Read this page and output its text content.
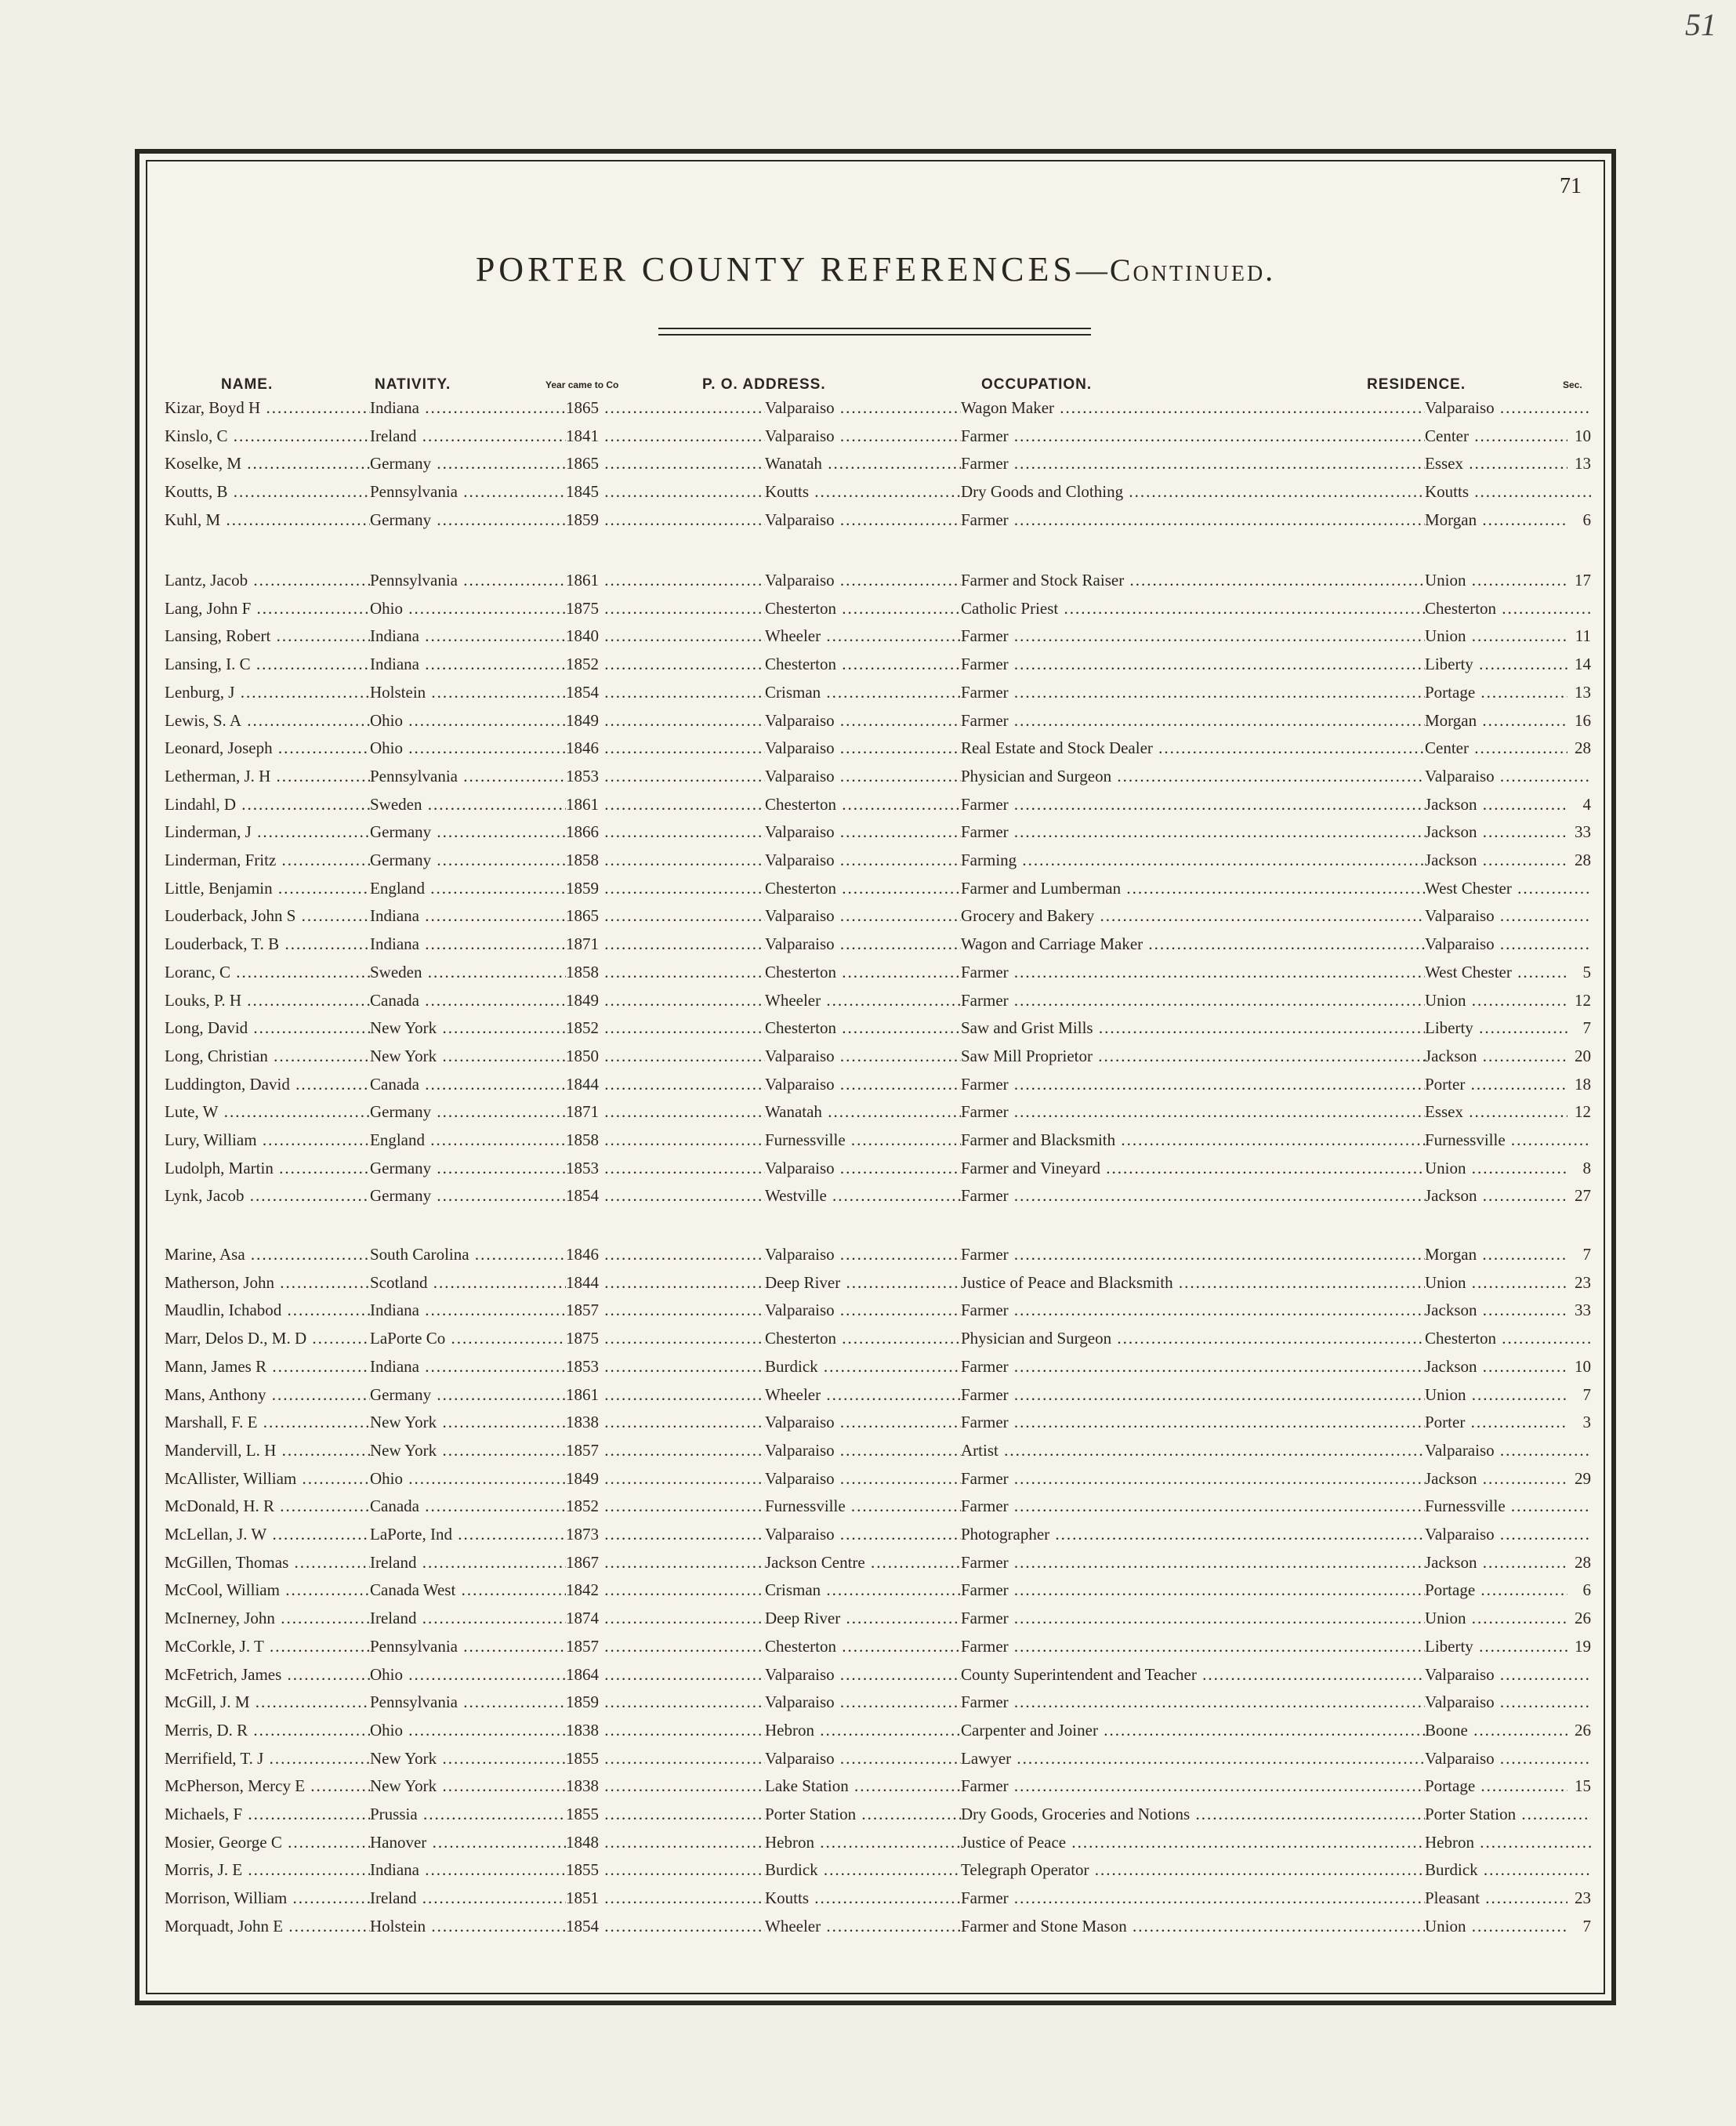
51
71
PORTER COUNTY REFERENCES—Continued.
NAME.	NATIVITY.	Year came to Co	P. O. ADDRESS.	OCCUPATION.	RESIDENCE.	Sec.
Kizar, Boyd H .....	Indiana .....	1865 .....	Valparaiso .....	Wagon Maker .....	Valparaiso .....
Kinslo, C .....	Ireland .....	1841 .....	Valparaiso .....	Farmer .....	Center .....	10
Koselke, M .....	Germany .....	1865 .....	Wanatah .....	Farmer .....	Essex .....	13
Koutts, B .....	Pennsylvania .....	1845 .....	Koutts .....	Dry Goods and Clothing .....	Koutts .....
Kuhl, M .....	Germany .....	1859 .....	Valparaiso .....	Farmer .....	Morgan .....	6
Lantz, Jacob .....	Pennsylvania .....	1861 .....	Valparaiso .....	Farmer and Stock Raiser .....	Union .....	17
Lang, John F .....	Ohio .....	1875 .....	Chesterton .....	Catholic Priest .....	Chesterton .....
Lansing, Robert .....	Indiana .....	1840 .....	Wheeler .....	Farmer .....	Union .....	11
Lansing, I. C .....	Indiana .....	1852 .....	Chesterton .....	Farmer .....	Liberty .....	14
Lenburg, J .....	Holstein .....	1854 .....	Crisman .....	Farmer .....	Portage .....	13
Lewis, S. A .....	Ohio .....	1849 .....	Valparaiso .....	Farmer .....	Morgan .....	16
Leonard, Joseph .....	Ohio .....	1846 .....	Valparaiso .....	Real Estate and Stock Dealer .....	Center .....	28
Letherman, J. H .....	Pennsylvania .....	1853 .....	Valparaiso .....	Physician and Surgeon .....	Valparaiso .....
Lindahl, D .....	Sweden .....	1861 .....	Chesterton .....	Farmer .....	Jackson .....	4
Linderman, J .....	Germany .....	1866 .....	Valparaiso .....	Farmer .....	Jackson .....	33
Linderman, Fritz .....	Germany .....	1858 .....	Valparaiso .....	Farming .....	Jackson .....	28
Little, Benjamin .....	England .....	1859 .....	Chesterton .....	Farmer and Lumberman .....	West Chester .....
Louderback, John S .....	Indiana .....	1865 .....	Valparaiso .....	Grocery and Bakery .....	Valparaiso .....
Louderback, T. B .....	Indiana .....	1871 .....	Valparaiso .....	Wagon and Carriage Maker .....	Valparaiso .....
Loranc, C .....	Sweden .....	1858 .....	Chesterton .....	Farmer .....	West Chester .....	5
Louks, P. H .....	Canada .....	1849 .....	Wheeler .....	Farmer .....	Union .....	12
Long, David .....	New York .....	1852 .....	Chesterton .....	Saw and Grist Mills .....	Liberty .....	7
Long, Christian .....	New York .....	1850 .....	Valparaiso .....	Saw Mill Proprietor .....	Jackson .....	20
Luddington, David .....	Canada .....	1844 .....	Valparaiso .....	Farmer .....	Porter .....	18
Lute, W .....	Germany .....	1871 .....	Wanatah .....	Farmer .....	Essex .....	12
Lury, William .....	England .....	1858 .....	Furnessville .....	Farmer and Blacksmith .....	Furnessville .....
Ludolph, Martin .....	Germany .....	1853 .....	Valparaiso .....	Farmer and Vineyard .....	Union .....	8
Lynk, Jacob .....	Germany .....	1854 .....	Westville .....	Farmer .....	Jackson .....	27
Marine, Asa .....	South Carolina .....	1846 .....	Valparaiso .....	Farmer .....	Morgan .....	7
Matherson, John .....	Scotland .....	1844 .....	Deep River .....	Justice of Peace and Blacksmith .....	Union .....	23
Maudlin, Ichabod .....	Indiana .....	1857 .....	Valparaiso .....	Farmer .....	Jackson .....	33
Marr, Delos D., M. D .....	LaPorte Co .....	1875 .....	Chesterton .....	Physician and Surgeon .....	Chesterton .....
Mann, James R .....	Indiana .....	1853 .....	Burdick .....	Farmer .....	Jackson .....	10
Mans, Anthony .....	Germany .....	1861 .....	Wheeler .....	Farmer .....	Union .....	7
Marshall, F. E .....	New York .....	1838 .....	Valparaiso .....	Farmer .....	Porter .....	3
Mandervill, L. H .....	New York .....	1857 .....	Valparaiso .....	Artist .....	Valparaiso .....
McAllister, William .....	Ohio .....	1849 .....	Valparaiso .....	Farmer .....	Jackson .....	29
McDonald, H. R .....	Canada .....	1852 .....	Furnessville .....	Farmer .....	Furnessville .....
McLellan, J. W .....	LaPorte, Ind .....	1873 .....	Valparaiso .....	Photographer .....	Valparaiso .....
McGillen, Thomas .....	Ireland .....	1867 .....	Jackson Centre .....	Farmer .....	Jackson .....	28
McCool, William .....	Canada West .....	1842 .....	Crisman .....	Farmer .....	Portage .....	6
McInerney, John .....	Ireland .....	1874 .....	Deep River .....	Farmer .....	Union .....	26
McCorkle, J. T .....	Pennsylvania .....	1857 .....	Chesterton .....	Farmer .....	Liberty .....	19
McFetrich, James .....	Ohio .....	1864 .....	Valparaiso .....	County Superintendent and Teacher .....	Valparaiso .....
McGill, J. M .....	Pennsylvania .....	1859 .....	Valparaiso .....	Farmer .....	Valparaiso .....
Merris, D. R .....	Ohio .....	1838 .....	Hebron .....	Carpenter and Joiner .....	Boone .....	26
Merrifield, T. J .....	New York .....	1855 .....	Valparaiso .....	Lawyer .....	Valparaiso .....
McPherson, Mercy E .....	New York .....	1838 .....	Lake Station .....	Farmer .....	Portage .....	15
Michaels, F .....	Prussia .....	1855 .....	Porter Station .....	Dry Goods, Groceries and Notions .....	Porter Station .....
Mosier, George C .....	Hanover .....	1848 .....	Hebron .....	Justice of Peace .....	Hebron .....
Morris, J. E .....	Indiana .....	1855 .....	Burdick .....	Telegraph Operator .....	Burdick .....
Morrison, William .....	Ireland .....	1851 .....	Koutts .....	Farmer .....	Pleasant .....	23
Morquadt, John E .....	Holstein .....	1854 .....	Wheeler .....	Farmer and Stone Mason .....	Union .....	7
